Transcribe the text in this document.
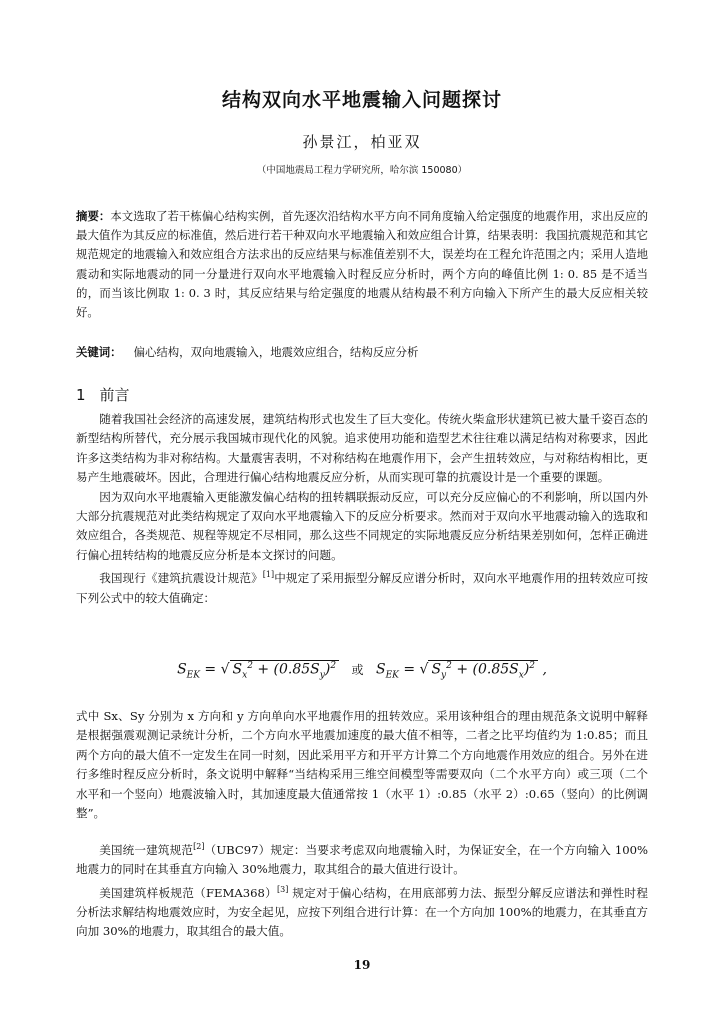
结构双向水平地震输入问题探讨
孙景江，柏亚双
（中国地震局工程力学研究所，哈尔滨 150080）
摘要：本文选取了若干栋偏心结构实例，首先逐次沿结构水平方向不同角度输入给定强度的地震作用，求出反应的最大值作为其反应的标准值，然后进行若干种双向水平地震输入和效应组合计算，结果表明：我国抗震规范和其它规范规定的地震输入和效应组合方法求出的反应结果与标准值差别不大，误差均在工程允许范围之内；采用人造地震动和实际地震动的同一分量进行双向水平地震输入时程反应分析时，两个方向的峰值比例 1: 0. 85 是不适当的，而当该比例取 1: 0. 3 时，其反应结果与给定强度的地震从结构最不利方向输入下所产生的最大反应相关较好。
关键词： 偏心结构，双向地震输入，地震效应组合，结构反应分析
1 前言

随着我国社会经济的高速发展，建筑结构形式也发生了巨大变化。传统火柴盒形状建筑已被大量千姿百态的新型结构所替代，充分展示我国城市现代化的风貌。追求使用功能和造型艺术往往难以满足结构对称要求，因此许多这类结构为非对称结构。大量震害表明，不对称结构在地震作用下，会产生扭转效应，与对称结构相比，更易产生地震破坏。因此，合理进行偏心结构地震反应分析，从而实现可靠的抗震设计是一个重要的课题。

因为双向水平地震输入更能激发偏心结构的扭转耦联振动反应，可以充分反应偏心的不利影响，所以国内外大部分抗震规范对此类结构规定了双向水平地震输入下的反应分析要求。然而对于双向水平地震动输入的选取和效应组合，各类规范、规程等规定不尽相同，那么这些不同规定的实际地震反应分析结果差别如何，怎样正确进行偏心扭转结构的地震反应分析是本文探讨的问题。

我国现行《建筑抗震设计规范》[1]中规定了采用振型分解反应谱分析时，双向水平地震作用的扭转效应可按下列公式中的较大值确定：

$S_{EK}$ = √ $S_x^2 + (0.85S_y)^2$ 或 $S_{EK}$ = √ $S_y^2 + (0.85S_x)^2$ ,

式中 Sx、Sy 分别为 x 方向和 y 方向单向水平地震作用的扭转效应。采用该种组合的理由规范条文说明中解释是根据强震观测记录统计分析，二个方向水平地震加速度的最大值不相等，二者之比平均值约为 1:0.85；而且两个方向的最大值不一定发生在同一时刻，因此采用平方和开平方计算二个方向地震作用效应的组合。另外在进行多维时程反应分析时，条文说明中解释“当结构采用三维空间模型等需要双向（二个水平方向）或三项（二个水平和一个竖向）地震波输入时，其加速度最大值通常按 1（水平 1）:0.85（水平 2）:0.65（竖向）的比例调整”。

美国统一建筑规范[2]（UBC97）规定：当要求考虑双向地震输入时，为保证安全，在一个方向输入 100%地震力的同时在其垂直方向输入 30%地震力，取其组合的最大值进行设计。

美国建筑样板规范（FEMA368）[3] 规定对于偏心结构，在用底部剪力法、振型分解反应谱法和弹性时程分析法求解结构地震效应时，为安全起见，应按下列组合进行计算：在一个方向加 100%的地震力，在其垂直方向加 30%的地震力，取其组合的最大值。

19
